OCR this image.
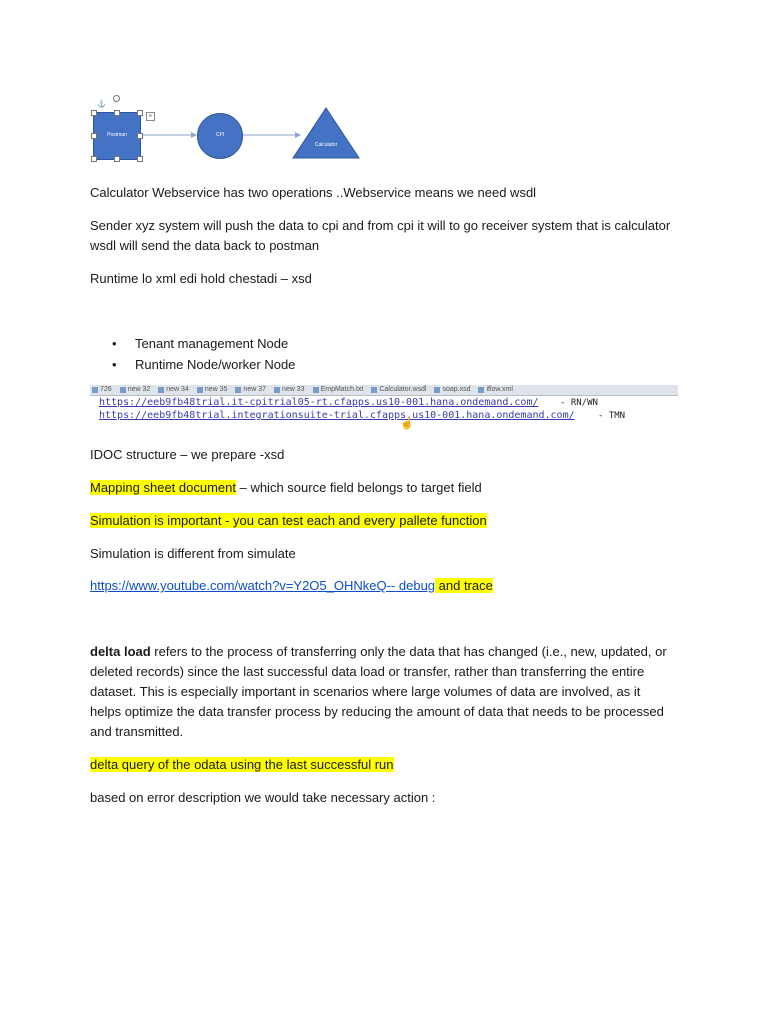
⚓
Postman
≡
CPI
Calculator
Calculator Webservice has two operations ..Webservice means we need wsdl
Sender xyz system will push the data to cpi and from cpi it will to go receiver system that is calculator
wsdl will send the data back to postman
Runtime lo xml edi hold chestadi – xsd
• Tenant management Node
• Runtime Node/worker Node
726 new 32 new 34 new 35 new 37 new 33 EmpMatch.txt Calculator.wsdl soap.xsd iflow.xml
https://eeb9fb48trial.it-cpitrial05-rt.cfapps.us10-001.hana.ondemand.com/ - RN/WN
https://eeb9fb48trial.integrationsuite-trial.cfapps.us10-001.hana.ondemand.com/	- TMN
☝
IDOC structure – we prepare -xsd
Mapping sheet document – which source field belongs to target field
Simulation is important - you can test each and every pallete function
Simulation is different from simulate
https://www.youtube.com/watch?v=Y2O5_OHNkeQ-- debug and trace
delta load refers to the process of transferring only the data that has changed (i.e., new, updated, or deleted records) since the last successful data load or transfer, rather than transferring the entire dataset. This is especially important in scenarios where large volumes of data are involved, as it helps optimize the data transfer process by reducing the amount of data that needs to be processed and transmitted.
delta query of the odata using the last successful run
based on error description we would take necessary action :
